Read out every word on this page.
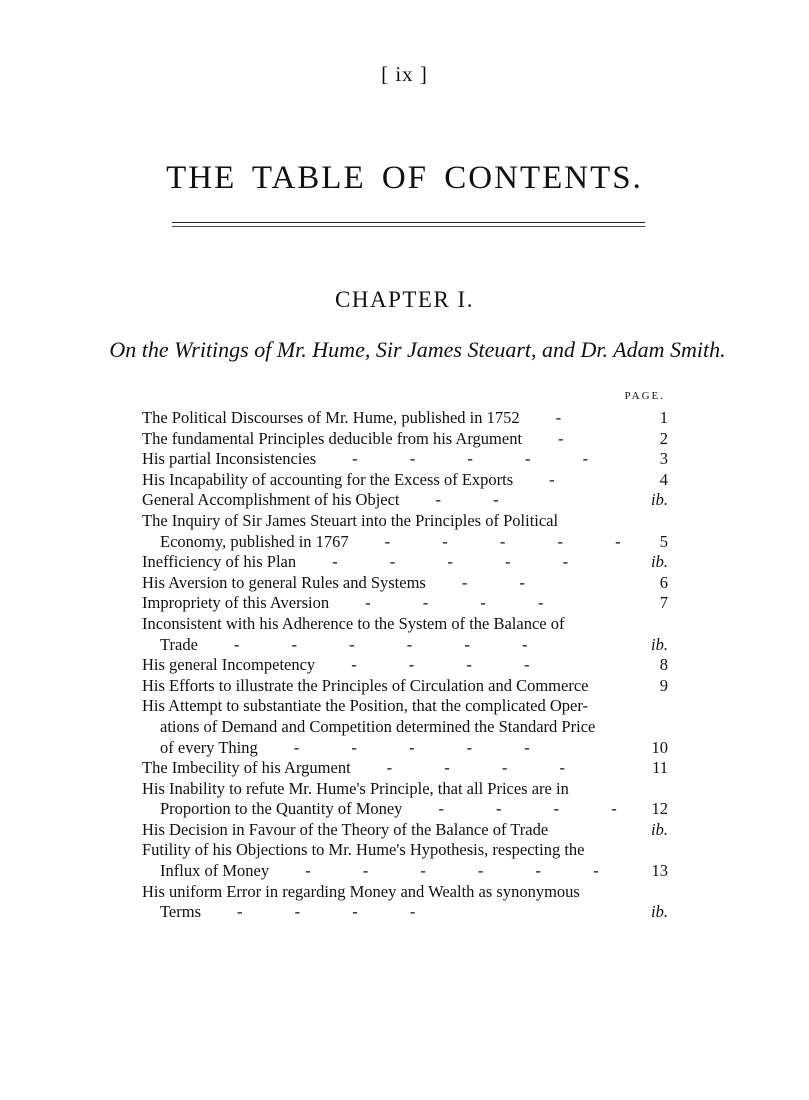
[ ix ]
THE TABLE OF CONTENTS.
CHAPTER I.
On the Writings of Mr. Hume, Sir James Steuart, and Dr. Adam Smith.
PAGE.
The Political Discourses of Mr. Hume, published in 1752 -	1
The fundamental Principles deducible from his Argument -	2
His partial Inconsistencies - - - - -	3
His Incapability of accounting for the Excess of Exports -	4
General Accomplishment of his Object - -	ib.
The Inquiry of Sir James Steuart into the Principles of Political
Economy, published in 1767 - - - - -	5
Inefficiency of his Plan - - - - -	ib.
His Aversion to general Rules and Systems - -	6
Impropriety of this Aversion - - - -	7
Inconsistent with his Adherence to the System of the Balance of
Trade - - - - - -	ib.
His general Incompetency - - - -	8
His Efforts to illustrate the Principles of Circulation and Commerce	9
His Attempt to substantiate the Position, that the complicated Oper-
ations of Demand and Competition determined the Standard Price
of every Thing - - - - -	10
The Imbecility of his Argument - - - -	11
His Inability to refute Mr. Hume's Principle, that all Prices are in
Proportion to the Quantity of Money - - - -	12
His Decision in Favour of the Theory of the Balance of Trade	ib.
Futility of his Objections to Mr. Hume's Hypothesis, respecting the
Influx of Money - - - - - -	13
His uniform Error in regarding Money and Wealth as synonymous
Terms - - - -	ib.
